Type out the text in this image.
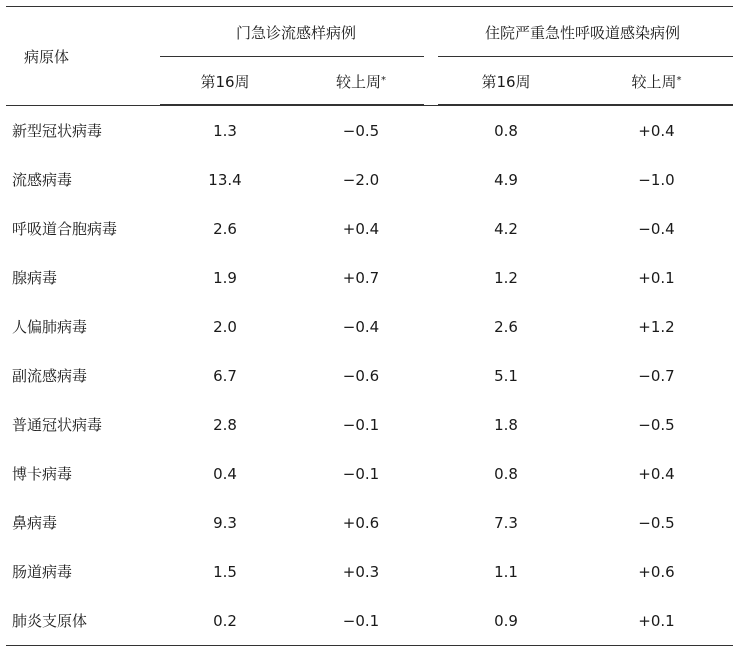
病原体	门急诊流感样病例		住院严重急性呼吸道感染病例	

	第16周	较上周 *	第16周	较上周 *

新型冠状病毒	1.3	−0.5	0.8	+0.4
流感病毒	13.4	−2.0	4.9	−1.0
呼吸道合胞病毒	2.6	+0.4	4.2	−0.4
腺病毒	1.9	+0.7	1.2	+0.1
人偏肺病毒	2.0	−0.4	2.6	+1.2
副流感病毒	6.7	−0.6	5.1	−0.7
普通冠状病毒	2.8	−0.1	1.8	−0.5
博卡病毒	0.4	−0.1	0.8	+0.4
鼻病毒	9.3	+0.6	7.3	−0.5
肠道病毒	1.5	+0.3	1.1	+0.6
肺炎支原体	0.2	−0.1	0.9	+0.1
